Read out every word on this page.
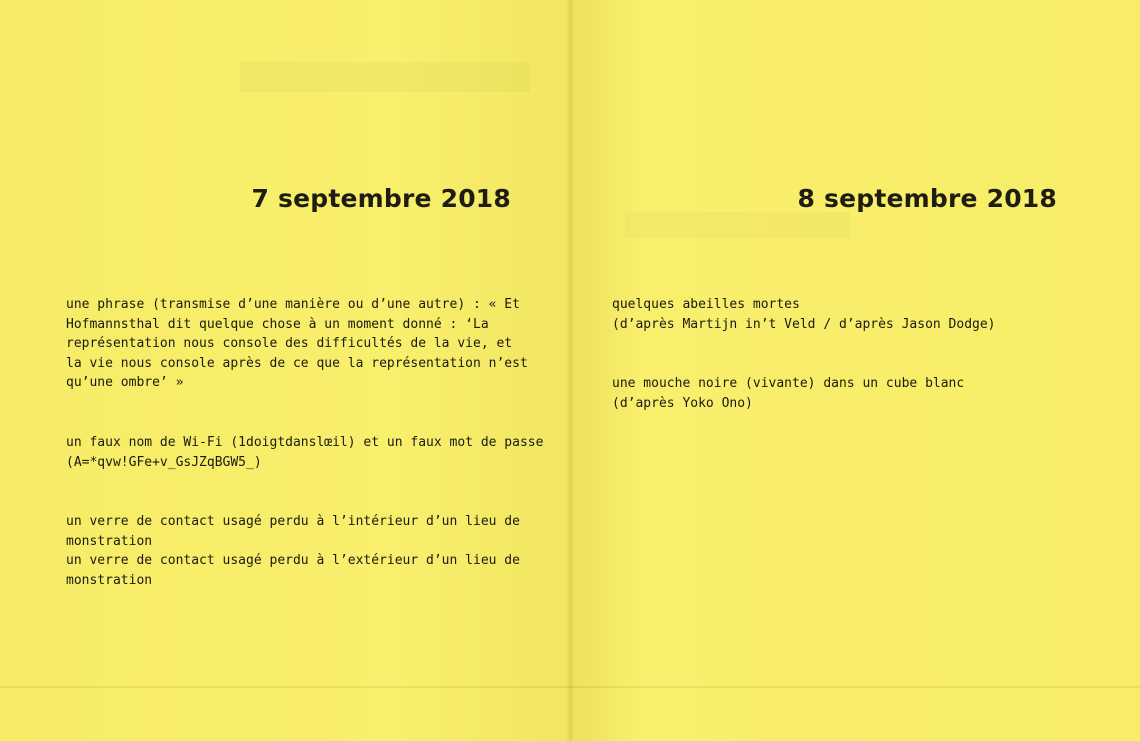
7 septembre 2018
une phrase (transmise d’une manière ou d’une autre) : « Et
Hofmannsthal dit quelque chose à un moment donné : ‘La
représentation nous console des difficultés de la vie, et
la vie nous console après de ce que la représentation n’est
qu’une ombre’ »
un faux nom de Wi-Fi (1doigtdanslœil) et un faux mot de passe
(A=*qvw!GFe+v_GsJZqBGW5_)
un verre de contact usagé perdu à l’intérieur d’un lieu de
monstration
un verre de contact usagé perdu à l’extérieur d’un lieu de
monstration
8 septembre 2018
quelques abeilles mortes
(d’après Martijn in’t Veld / d’après Jason Dodge)
une mouche noire (vivante) dans un cube blanc
(d’après Yoko Ono)
